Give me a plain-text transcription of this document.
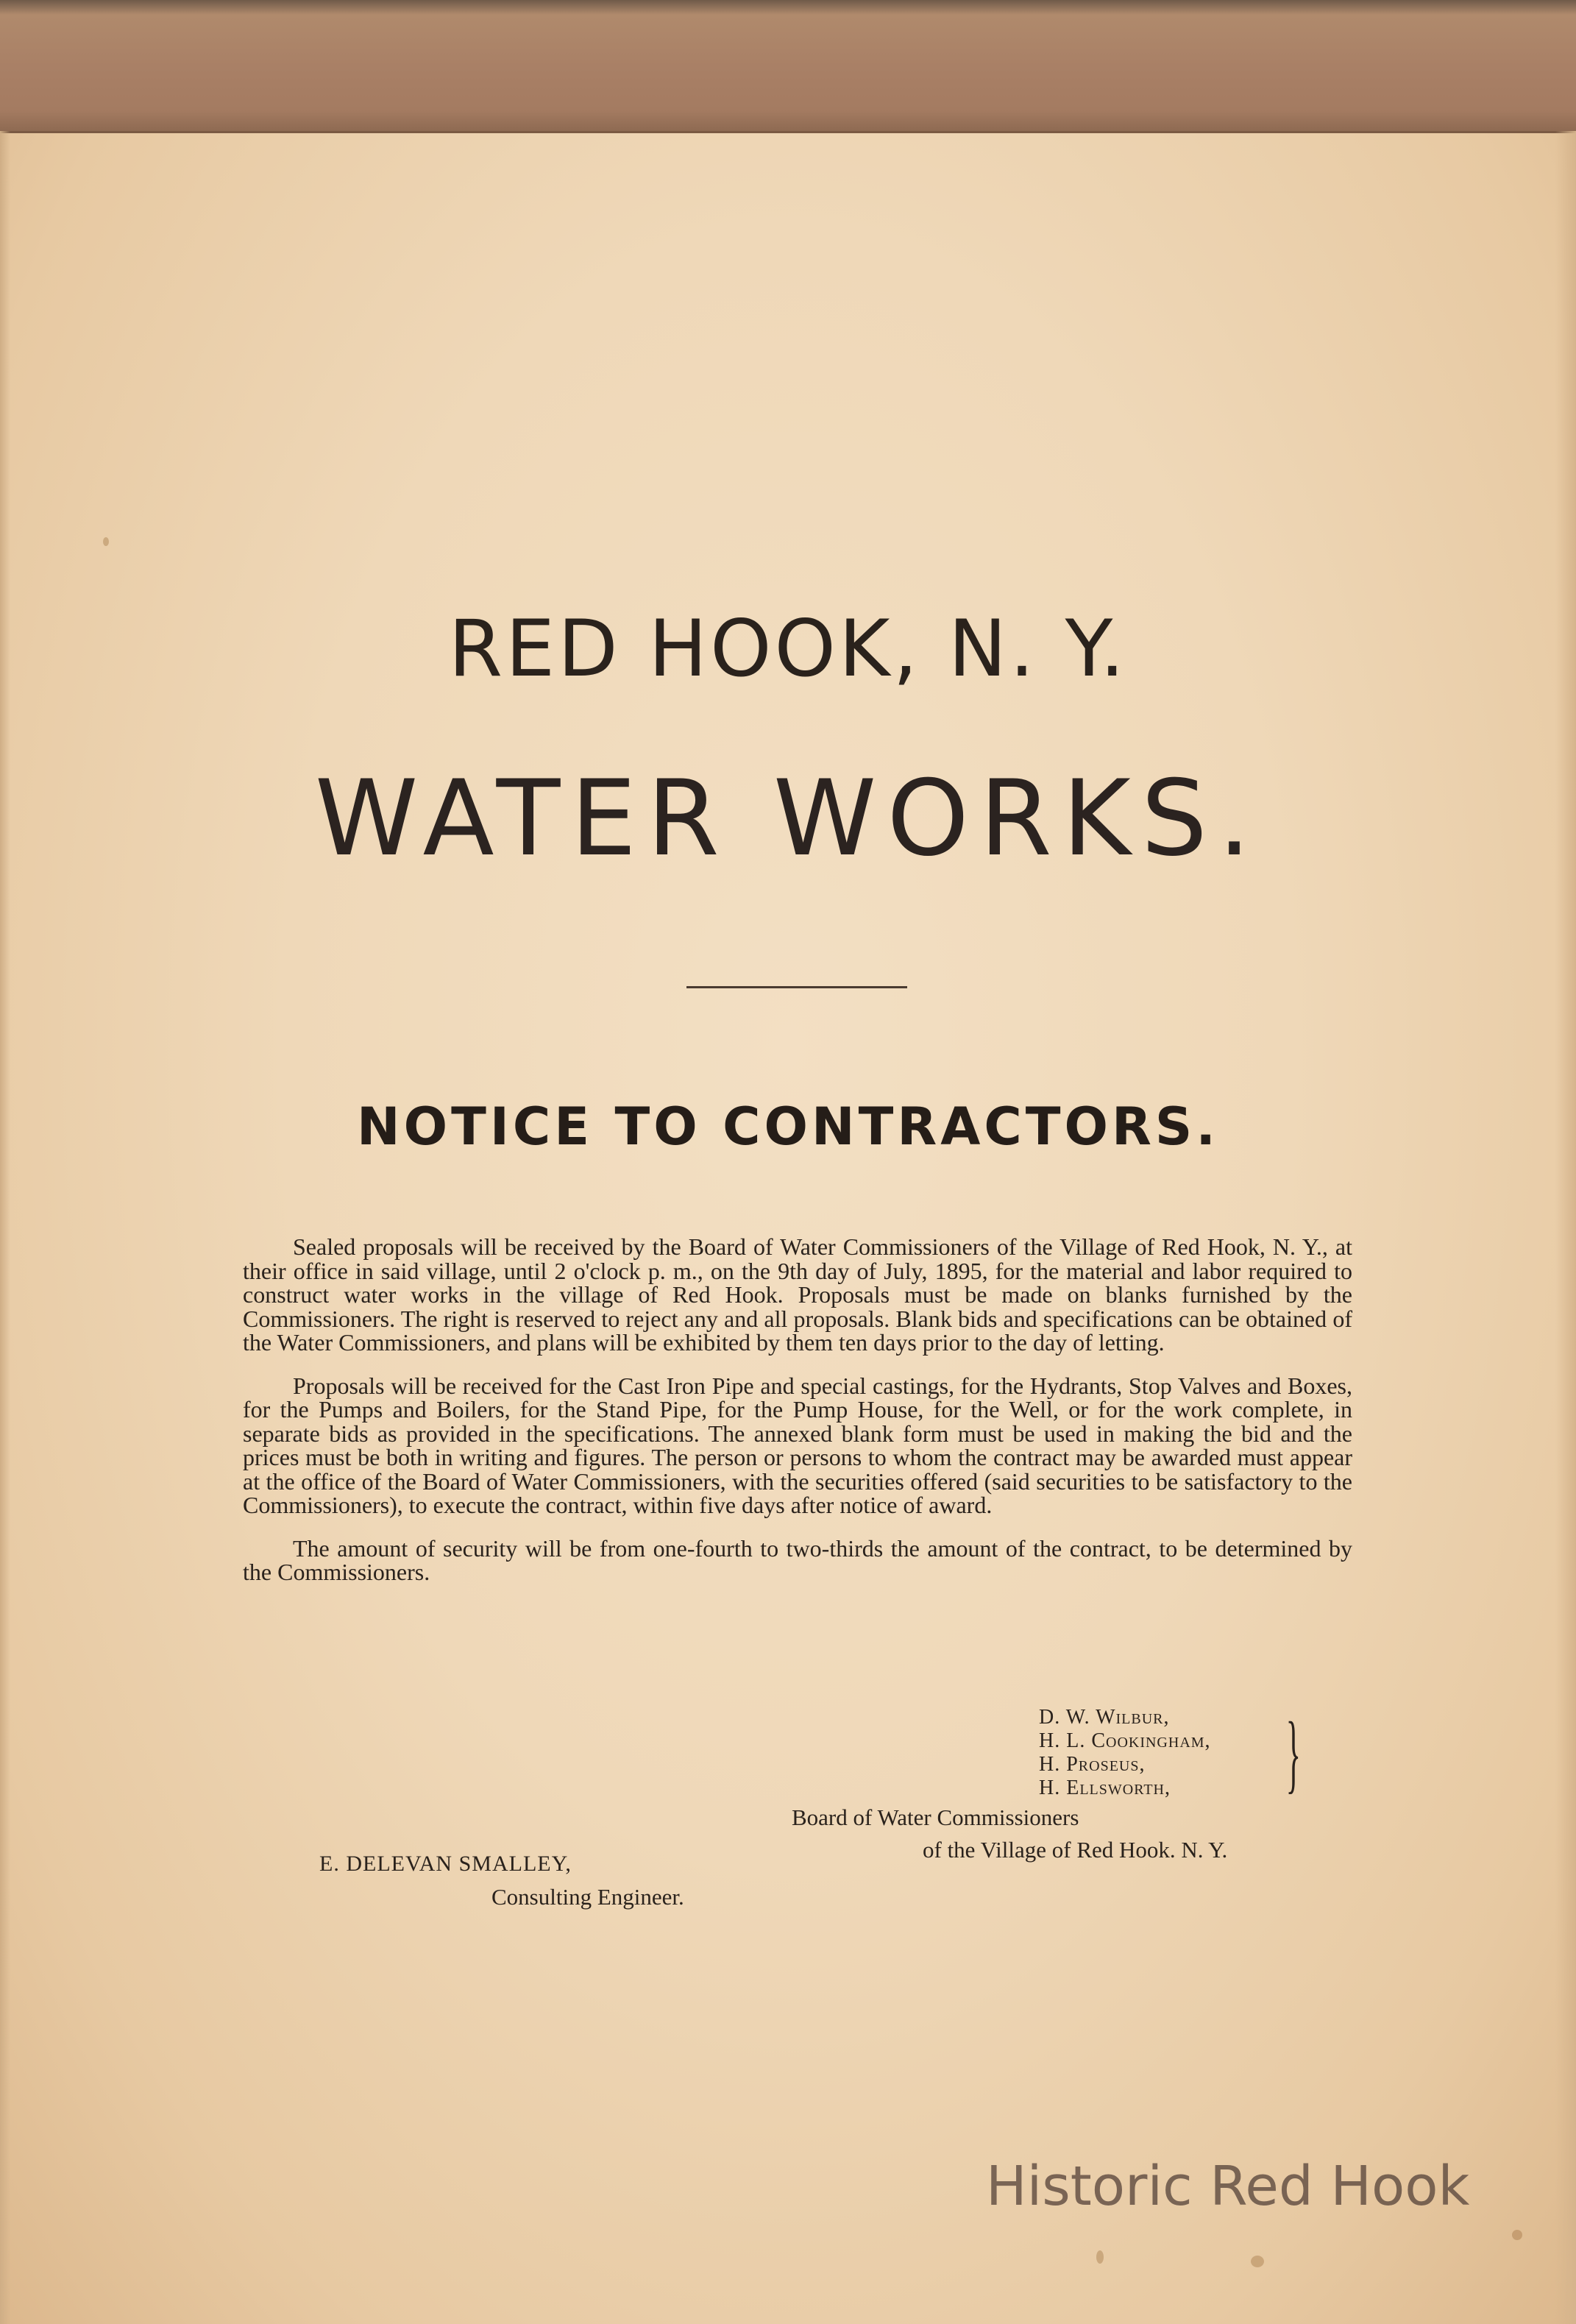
RED HOOK, N. Y.
WATER WORKS.
NOTICE TO CONTRACTORS.

Sealed proposals will be received by the Board of Water Commissioners of the Village of Red Hook, N. Y., at their office in said village, until 2 o'clock p. m., on the 9th day of July, 1895, for the material and labor required to construct water works in the village of Red Hook. Proposals must be made on blanks furnished by the Commissioners. The right is reserved to reject any and all proposals. Blank bids and specifications can be obtained of the Water Commissioners, and plans will be exhibited by them ten days prior to the day of letting.

Proposals will be received for the Cast Iron Pipe and special castings, for the Hydrants, Stop Valves and Boxes, for the Pumps and Boilers, for the Stand Pipe, for the Pump House, for the Well, or for the work complete, in separate bids as provided in the specifications. The annexed blank form must be used in making the bid and the prices must be both in writing and figures. The person or persons to whom the contract may be awarded must appear at the office of the Board of Water Commissioners, with the securities offered (said securities to be satisfactory to the Commissioners), to execute the contract, within five days after notice of award.

The amount of security will be from one-fourth to two-thirds the amount of the contract, to be determined by the Commissioners.

D. W. Wilbur,
H. L. Cookingham,
H. Proseus,
H. Ellsworth,	}
Board of Water Commissioners
of the Village of Red Hook. N. Y.
E. DELEVAN SMALLEY,
Consulting Engineer.
Historic Red Hook
